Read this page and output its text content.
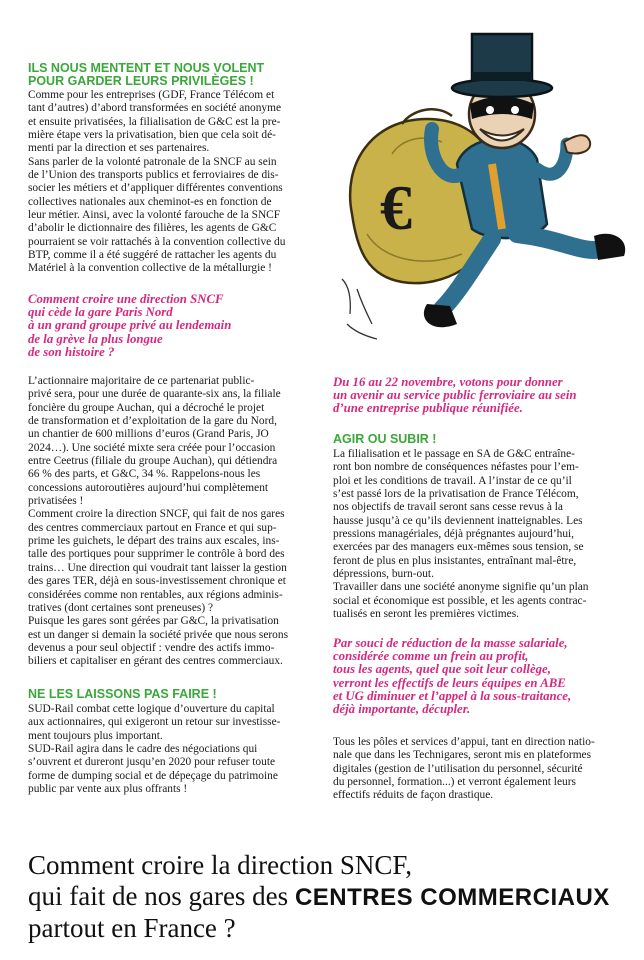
ILS NOUS MENTENT ET NOUS VOLENT

POUR GARDER LEURS PRIVILÈGES !

Comme pour les entreprises (GDF, France Télécom et

tant d’autres) d’abord transformées en société anonyme

et ensuite privatisées, la filialisation de G&C est la pre-

mière étape vers la privatisation, bien que cela soit dé-

menti par la direction et ses partenaires.

Sans parler de la volonté patronale de la SNCF au sein

de l’Union des transports publics et ferroviaires de dis-

socier les métiers et d’appliquer différentes conventions

collectives nationales aux cheminot-es en fonction de

leur métier. Ainsi, avec la volonté farouche de la SNCF

d’abolir le dictionnaire des filières, les agents de G&C

pourraient se voir rattachés à la convention collective du

BTP, comme il a été suggéré de rattacher les agents du

Matériel à la convention collective de la métallurgie !

Comment croire une direction SNCF

qui cède la gare Paris Nord

à un grand groupe privé au lendemain

de la grève la plus longue

de son histoire ?

L’actionnaire majoritaire de ce partenariat public-

privé sera, pour une durée de quarante-six ans, la filiale

foncière du groupe Auchan, qui a décroché le projet

de transformation et d’exploitation de la gare du Nord,

un chantier de 600 millions d’euros (Grand Paris, JO

2024…). Une société mixte sera créée pour l’occasion

entre Ceetrus (filiale du groupe Auchan), qui détiendra

66 % des parts, et G&C, 34 %. Rappelons-nous les

concessions autoroutières aujourd’hui complètement

privatisées !

Comment croire la direction SNCF, qui fait de nos gares

des centres commerciaux partout en France et qui sup-

prime les guichets, le départ des trains aux escales, ins-

talle des portiques pour supprimer le contrôle à bord des

trains… Une direction qui voudrait tant laisser la gestion

des gares TER, déjà en sous-investissement chronique et

considérées comme non rentables, aux régions adminis-

tratives (dont certaines sont preneuses) ?

Puisque les gares sont gérées par G&C, la privatisation

est un danger si demain la société privée que nous serons

devenus a pour seul objectif : vendre des actifs immo-

biliers et capitaliser en gérant des centres commerciaux.

NE LES LAISSONS PAS FAIRE !

SUD-Rail combat cette logique d’ouverture du capital

aux actionnaires, qui exigeront un retour sur investisse-

ment toujours plus important.

SUD-Rail agira dans le cadre des négociations qui

s’ouvrent et dureront jusqu’en 2020 pour refuser toute

forme de dumping social et de dépeçage du patrimoine

public par vente aux plus offrants !

Du 16 au 22 novembre, votons pour donner

un avenir au service public ferroviaire au sein

d’une entreprise publique réunifiée.

AGIR OU SUBIR !

La filialisation et le passage en SA de G&C entraîne-

ront bon nombre de conséquences néfastes pour l’em-

ploi et les conditions de travail. A l’instar de ce qu’il

s’est passé lors de la privatisation de France Télécom,

nos objectifs de travail seront sans cesse revus à la

hausse jusqu’à ce qu’ils deviennent inatteignables. Les

pressions managériales, déjà prégnantes aujourd’hui,

exercées par des managers eux-mêmes sous tension, se

feront de plus en plus insistantes, entraînant mal-être,

dépressions, burn-out.

Travailler dans une société anonyme signifie qu’un plan

social et économique est possible, et les agents contrac-

tualisés en seront les premières victimes.

Par souci de réduction de la masse salariale,

considérée comme un frein au profit,

tous les agents, quel que soit leur collège,

verront les effectifs de leurs équipes en ABE

et UG diminuer et l’appel à la sous-traitance,

déjà importante, décupler.

Tous les pôles et services d’appui, tant en direction natio-

nale que dans les Technigares, seront mis en plateformes

digitales (gestion de l’utilisation du personnel, sécurité

du personnel, formation...) et verront également leurs

effectifs réduits de façon drastique.

€

Comment croire la direction SNCF,

qui fait de nos gares des CENTRES COMMERCIAUX

partout en France ?
